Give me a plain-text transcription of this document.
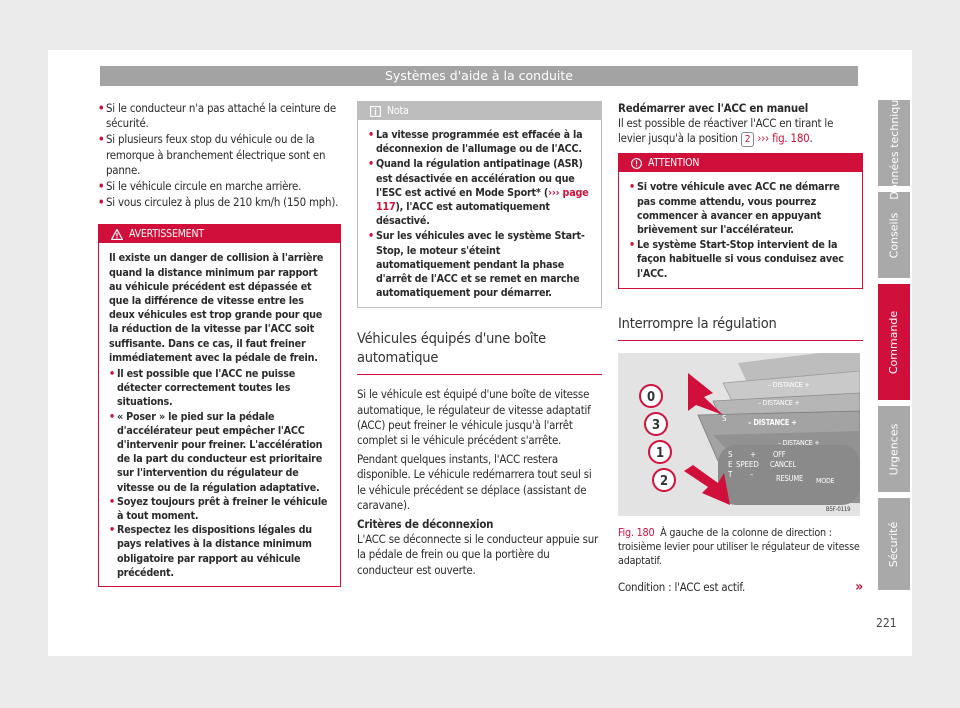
Systèmes d'aide à la conduite
• Si le conducteur n'a pas attaché la ceinture de sécurité.
• Si plusieurs feux stop du véhicule ou de la remorque à branchement électrique sont en panne.
• Si le véhicule circule en marche arrière.
• Si vous circulez à plus de 210 km/h (150 mph).
AVERTISSEMENT
Il existe un danger de collision à l'arrière quand la distance minimum par rapport au véhicule précédent est dépassée et que la différence de vitesse entre les deux véhicules est trop grande pour que la réduction de la vitesse par l'ACC soit suffisante. Dans ce cas, il faut freiner immédiatement avec la pédale de frein.
• Il est possible que l'ACC ne puisse détecter correctement toutes les situations.
• « Poser » le pied sur la pédale d'accélérateur peut empêcher l'ACC d'intervenir pour freiner. L'accélération de la part du conducteur est prioritaire sur l'intervention du régulateur de vitesse ou de la régulation adaptative.
• Soyez toujours prêt à freiner le véhicule à tout moment.
• Respectez les dispositions légales du pays relatives à la distance minimum obligatoire par rapport au véhicule précédent.
Nota
• La vitesse programmée est effacée à la déconnexion de l'allumage ou de l'ACC.
• Quand la régulation antipatinage (ASR) est désactivée en accélération ou que l'ESC est activé en Mode Sport* (››› page 117), l'ACC est automatiquement désactivé.
• Sur les véhicules avec le système Start-Stop, le moteur s'éteint automatiquement pendant la phase d'arrêt de l'ACC et se remet en marche automatiquement pour démarrer.
Véhicules équipés d'une boîte automatique

Si le véhicule est équipé d'une boîte de vitesse automatique, le régulateur de vitesse adaptatif (ACC) peut freiner le véhicule jusqu'à l'arrêt complet si le véhicule précédent s'arrête.

Pendant quelques instants, l'ACC restera disponible. Le véhicule redémarrera tout seul si le véhicule précédent se déplace (assistant de caravane).

Critères de déconnexion

L'ACC se déconnecte si le conducteur appuie sur la pédale de frein ou que la portière du conducteur est ouverte.

Redémarrer avec l'ACC en manuel

Il est possible de réactiver l'ACC en tirant le levier jusqu'à la position 2 ››› fig. 180.

ATTENTION
• Si votre véhicule avec ACC ne démarre pas comme attendu, vous pourrez commencer à avancer en appuyant brièvement sur l'accélérateur.
• Le système Start-Stop intervient de la façon habituelle si vous conduisez avec l'ACC.
Interrompre la régulation
– DISTANCE +
– DISTANCE +
– DISTANCE +
– DISTANCE +
S
S
E
T
SPEED
+
–
OFF
CANCEL
RESUME MODE
0
3
1
2
B5F-0119

Fig. 180 À gauche de la colonne de direction : troisième levier pour utiliser le régulateur de vitesse adaptatif.

Condition : l'ACC est actif.	»

Données techniques
Conseils
Commande
Urgences
Sécurité
221
